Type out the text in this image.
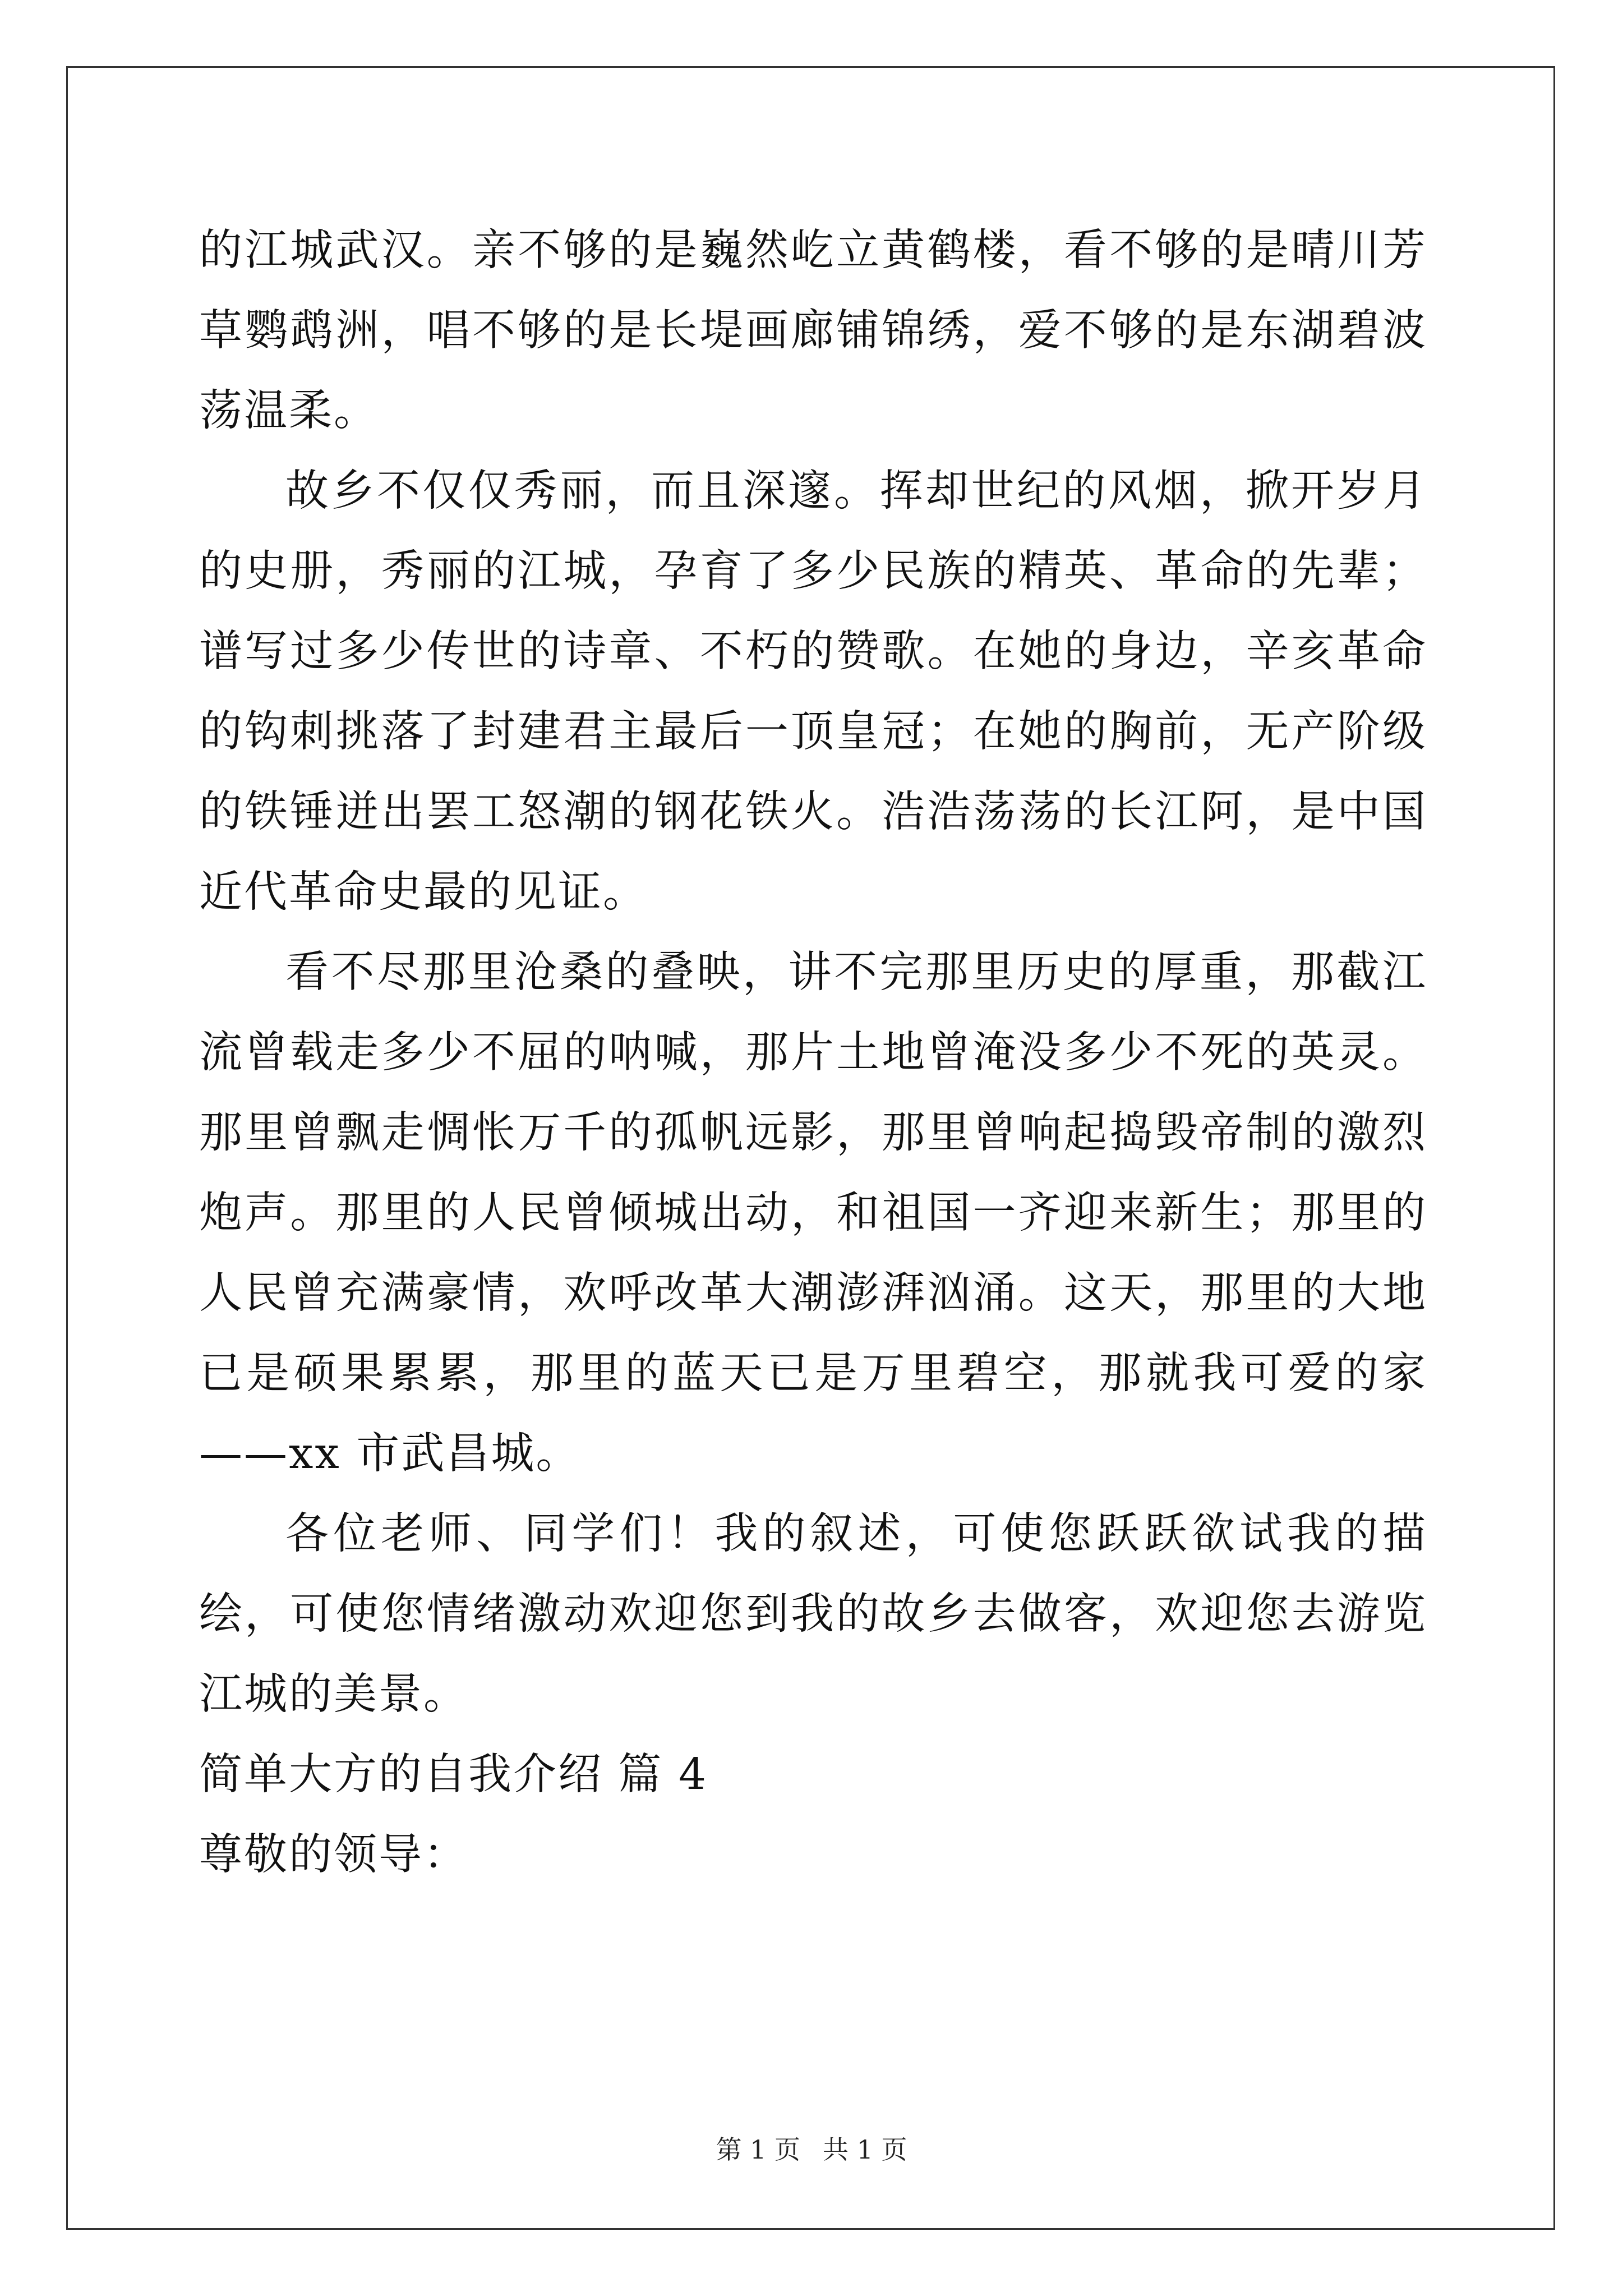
的江城武汉。亲不够的是巍然屹立黄鹤楼，看不够的是晴川芳草鹦鹉洲，唱不够的是长堤画廊铺锦绣，爱不够的是东湖碧波荡温柔。

故乡不仅仅秀丽，而且深邃。挥却世纪的风烟，掀开岁月的史册，秀丽的江城，孕育了多少民族的精英、革命的先辈；谱写过多少传世的诗章、不朽的赞歌。在她的身边，辛亥革命的钩刺挑落了封建君主最后一顶皇冠；在她的胸前，无产阶级的铁锤迸出罢工怒潮的钢花铁火。浩浩荡荡的长江阿，是中国近代革命史最的见证。

看不尽那里沧桑的叠映，讲不完那里历史的厚重，那截江流曾载走多少不屈的呐喊，那片土地曾淹没多少不死的英灵。那里曾飘走惆怅万千的孤帆远影，那里曾响起捣毁帝制的激烈炮声。那里的人民曾倾城出动，和祖国一齐迎来新生；那里的人民曾充满豪情，欢呼改革大潮澎湃汹涌。这天，那里的大地已是硕果累累，那里的蓝天已是万里碧空，那就我可爱的家——xx 市武昌城。

各位老师、同学们！我的叙述，可使您跃跃欲试我的描绘，可使您情绪激动欢迎您到我的故乡去做客，欢迎您去游览江城的美景。

简单大方的自我介绍 篇 4

尊敬的领导：

第 1 页 共 1 页
